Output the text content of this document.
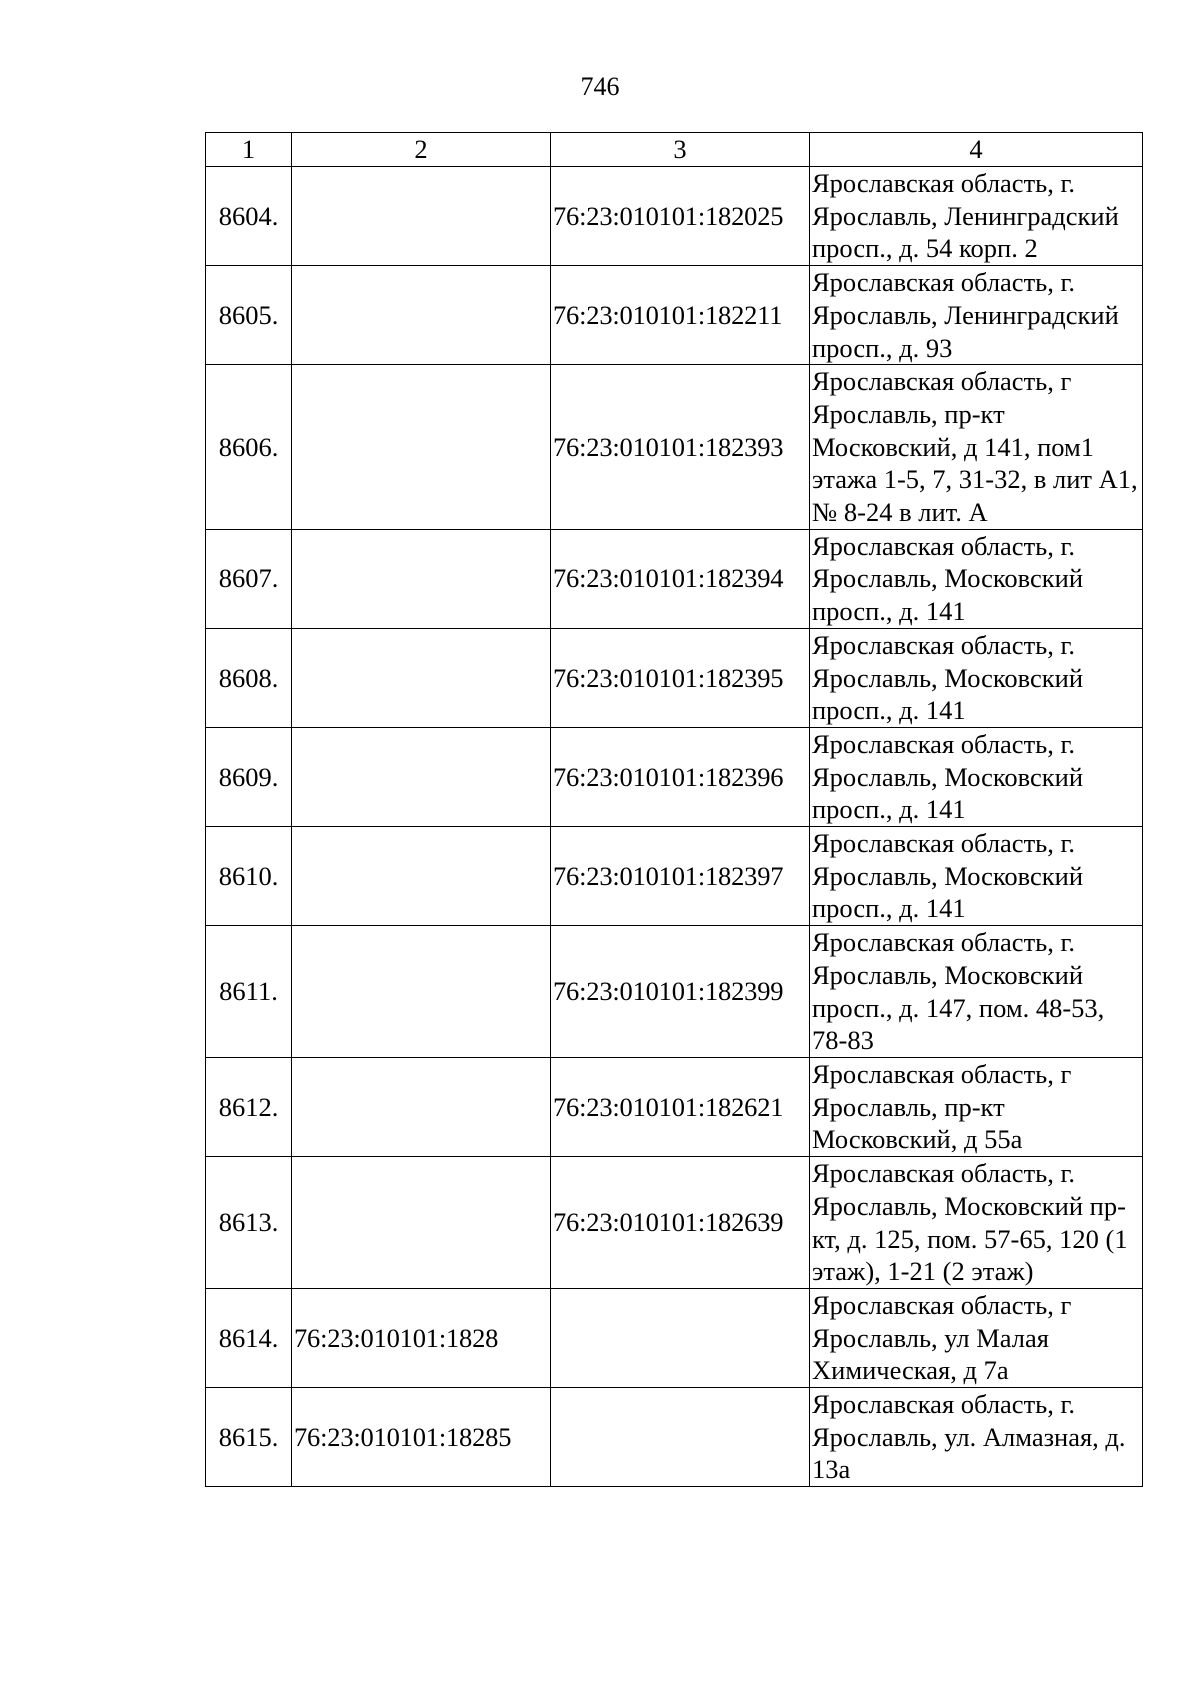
746
1	2	3	4
8604.		76:23:010101:182025	Ярославская область, г. Ярославль, Ленинградский просп., д. 54 корп. 2
8605.		76:23:010101:182211	Ярославская область, г. Ярославль, Ленинградский просп., д. 93
8606.		76:23:010101:182393	Ярославская область, г Ярославль, пр-кт Московский, д 141, пом1 этажа 1-5, 7, 31-32, в лит А1, № 8-24 в лит. А
8607.		76:23:010101:182394	Ярославская область, г. Ярославль, Московский просп., д. 141
8608.		76:23:010101:182395	Ярославская область, г. Ярославль, Московский просп., д. 141
8609.		76:23:010101:182396	Ярославская область, г. Ярославль, Московский просп., д. 141
8610.		76:23:010101:182397	Ярославская область, г. Ярославль, Московский просп., д. 141
8611.		76:23:010101:182399	Ярославская область, г. Ярославль, Московский просп., д. 147, пом. 48-53, 78-83
8612.		76:23:010101:182621	Ярославская область, г Ярославль, пр-кт Московский, д 55а
8613.		76:23:010101:182639	Ярославская область, г. Ярославль, Московский пр-кт, д. 125, пом. 57-65, 120 (1 этаж), 1-21 (2 этаж)
8614.	76:23:010101:1828		Ярославская область, г Ярославль, ул Малая Химическая, д 7а
8615.	76:23:010101:18285		Ярославская область, г. Ярославль, ул. Алмазная, д. 13а
